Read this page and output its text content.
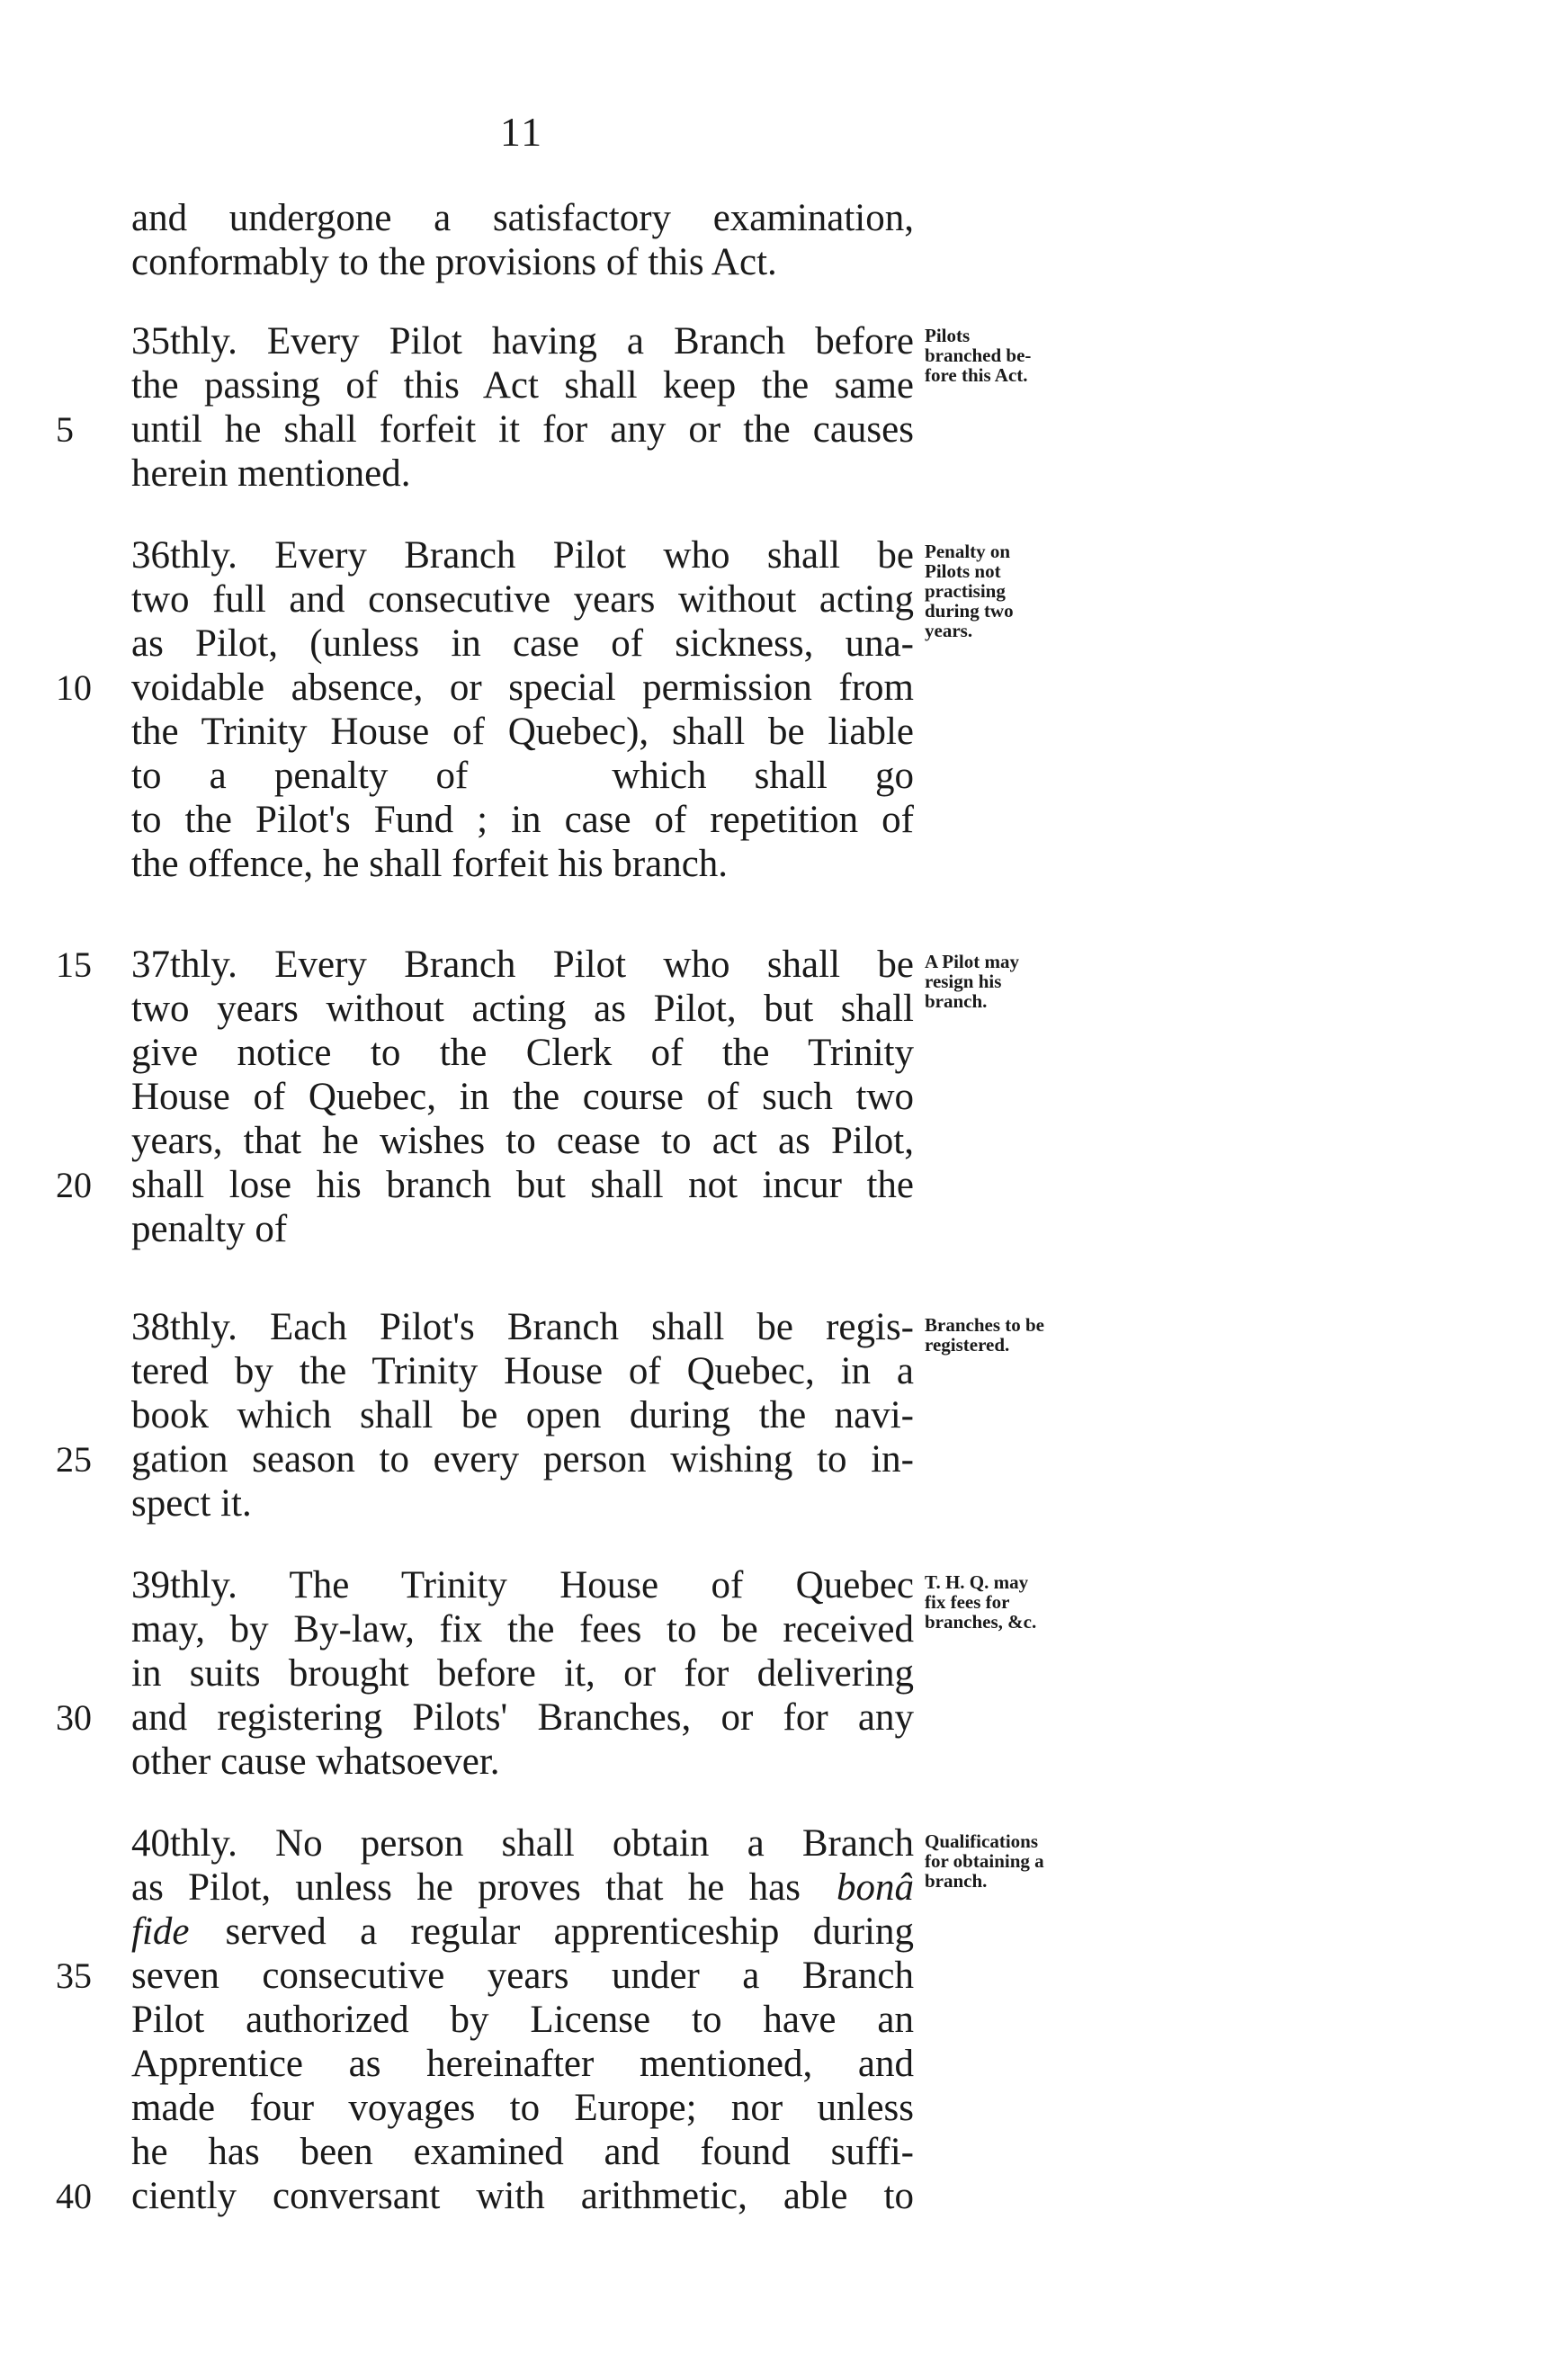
11
and undergone a satisfactory examination,
conformably to the provisions of this Act.
35thly. Every Pilot having a Branch before
the passing of this Act shall keep the same
until he shall forfeit it for any or the causes
5
herein mentioned.
36thly. Every Branch Pilot who shall be
two full and consecutive years without acting
as Pilot, (unless in case of sickness, una-
voidable absence, or special permission from
10
the Trinity House of Quebec), shall be liable
to a penalty of	which shall go
to the Pilot's Fund ; in case of repetition of
the offence, he shall forfeit his branch.
37thly. Every Branch Pilot who shall be
15
two years without acting as Pilot, but shall
give notice to the Clerk of the Trinity
House of Quebec, in the course of such two
years, that he wishes to cease to act as Pilot,
shall lose his branch but shall not incur the
20
penalty of
38thly. Each Pilot's Branch shall be regis-
tered by the Trinity House of Quebec, in a
book which shall be open during the navi-
gation season to every person wishing to in-
25
spect it.
39thly. The Trinity House of Quebec
may, by By-law, fix the fees to be received
in suits brought before it, or for delivering
and registering Pilots' Branches, or for any
30
other cause whatsoever.
40thly. No person shall obtain a Branch
as Pilot, unless he proves that he has bonâ
fide served a regular apprenticeship during
seven consecutive years under a Branch
35
Pilot authorized by License to have an
Apprentice as hereinafter mentioned, and
made four voyages to Europe; nor unless
he has been examined and found suffi-
ciently conversant with arithmetic, able to
40
Pilots
branched be-
fore this Act.
Penalty on
Pilots not
practising
during two
years.
A Pilot may
resign his
branch.
Branches to be
registered.
T. H. Q. may
fix fees for
branches, &c.
Qualifications
for obtaining a
branch.
